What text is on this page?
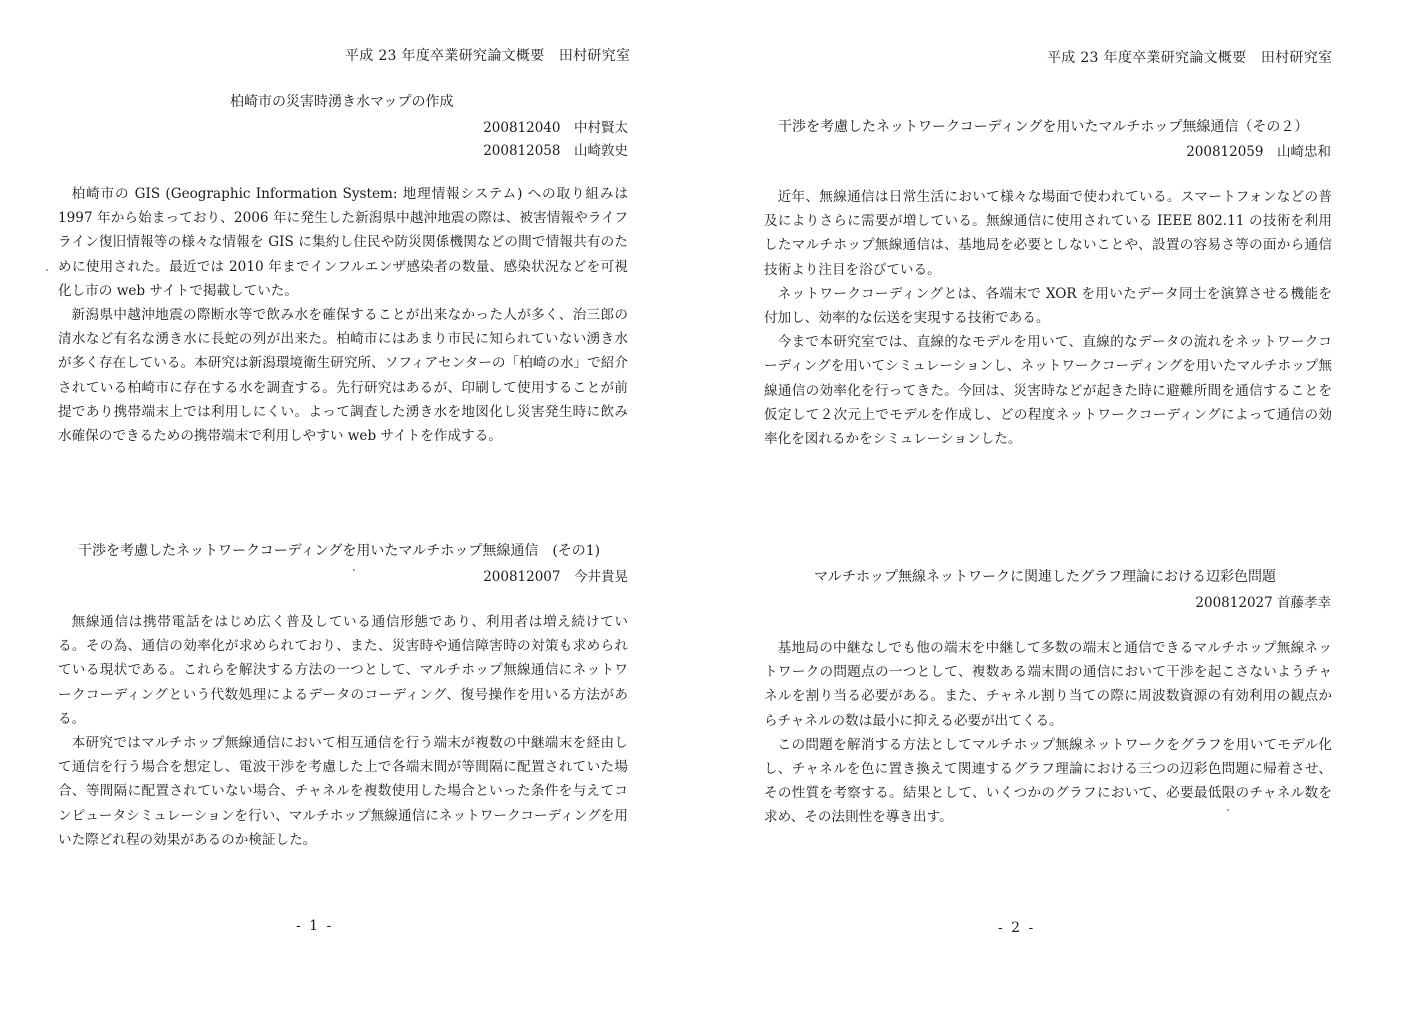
平成 23 年度卒業研究論文概要　田村研究室
柏崎市の災害時湧き水マップの作成
200812040　中村賢太
200812058　山崎敦史

柏崎市の GIS (Geographic Information System: 地理情報システム) への取り組みは 1997 年から始まっており、2006 年に発生した新潟県中越沖地震の際は、被害情報やライフライン復旧情報等の様々な情報を GIS に集約し住民や防災関係機関などの間で情報共有のために使用された。最近では 2010 年までインフルエンザ感染者の数量、感染状況などを可視化し市の web サイトで掲載していた。

新潟県中越沖地震の際断水等で飲み水を確保することが出来なかった人が多く、治三郎の清水など有名な湧き水に長蛇の列が出来た。柏崎市にはあまり市民に知られていない湧き水が多く存在している。本研究は新潟環境衛生研究所、ソフィアセンターの「柏崎の水」で紹介されている柏崎市に存在する水を調査する。先行研究はあるが、印刷して使用することが前提であり携帯端末上では利用しにくい。よって調査した湧き水を地図化し災害発生時に飲み水確保のできるための携帯端末で利用しやすい web サイトを作成する。

干渉を考慮したネットワークコーディングを用いたマルチホップ無線通信　(その1)
200812007　今井貴晃

無線通信は携帯電話をはじめ広く普及している通信形態であり、利用者は増え続けている。その為、通信の効率化が求められており、また、災害時や通信障害時の対策も求められている現状である。これらを解決する方法の一つとして、マルチホップ無線通信にネットワークコーディングという代数処理によるデータのコーディング、復号操作を用いる方法がある。

本研究ではマルチホップ無線通信において相互通信を行う端末が複数の中継端末を経由して通信を行う場合を想定し、電波干渉を考慮した上で各端末間が等間隔に配置されていた場合、等間隔に配置されていない場合、チャネルを複数使用した場合といった条件を与えてコンピュータシミュレーションを行い、マルチホップ無線通信にネットワークコーディングを用いた際どれ程の効果があるのか検証した。

- 1 -
平成 23 年度卒業研究論文概要　田村研究室
干渉を考慮したネットワークコーディングを用いたマルチホップ無線通信（その２）
200812059　山崎忠和

近年、無線通信は日常生活において様々な場面で使われている。スマートフォンなどの普及によりさらに需要が増している。無線通信に使用されている IEEE 802.11 の技術を利用したマルチホップ無線通信は、基地局を必要としないことや、設置の容易さ等の面から通信技術より注目を浴びている。

ネットワークコーディングとは、各端末で XOR を用いたデータ同士を演算させる機能を付加し、効率的な伝送を実現する技術である。

今まで本研究室では、直線的なモデルを用いて、直線的なデータの流れをネットワークコーディングを用いてシミュレーションし、ネットワークコーディングを用いたマルチホップ無線通信の効率化を行ってきた。今回は、災害時などが起きた時に避難所間を通信することを仮定して２次元上でモデルを作成し、どの程度ネットワークコーディングによって通信の効率化を図れるかをシミュレーションした。

マルチホップ無線ネットワークに関連したグラフ理論における辺彩色問題
200812027 首藤孝幸

基地局の中継なしでも他の端末を中継して多数の端末と通信できるマルチホップ無線ネットワークの問題点の一つとして、複数ある端末間の通信において干渉を起こさないようチャネルを割り当る必要がある。また、チャネル割り当ての際に周波数資源の有効利用の観点からチャネルの数は最小に抑える必要が出てくる。

この問題を解消する方法としてマルチホップ無線ネットワークをグラフを用いてモデル化し、チャネルを色に置き換えて関連するグラフ理論における三つの辺彩色問題に帰着させ、その性質を考察する。結果として、いくつかのグラフにおいて、必要最低限のチャネル数を求め、その法則性を導き出す。

- 2 -
